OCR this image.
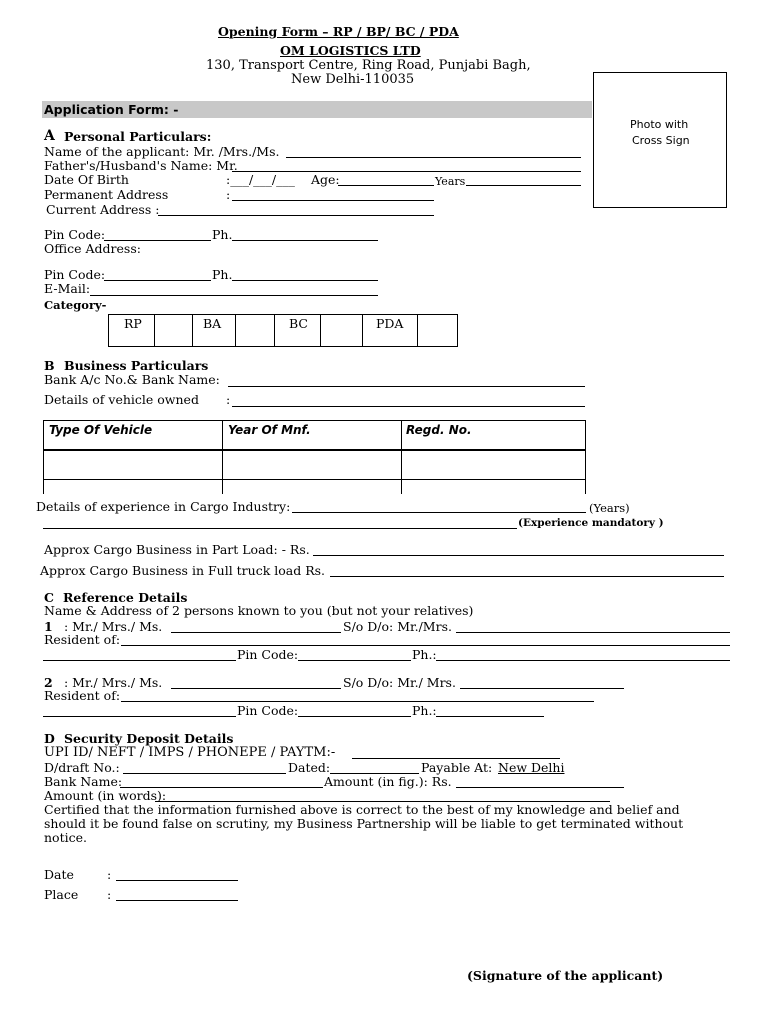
Opening Form – RP / BP/ BC / PDA
OM LOGISTICS LTD
130, Transport Centre, Ring Road, Punjabi Bagh,
New Delhi-110035
Photo with
Cross Sign
Application Form: -
A Personal Particulars:
Name of the applicant: Mr. /Mrs./Ms.
Father's/Husband's Name: Mr.
Date Of Birth	:___/___/___ Age:	Years
Permanent Address	:
Current Address :
Pin Code:	Ph.
Office Address:
Pin Code:	Ph.
E-Mail:
Category-
RP	BA	BC	PDA
B Business Particulars
Bank A/c No.& Bank Name:
Details of vehicle owned :
Type Of Vehicle	Year Of Mnf.	Regd. No.
Details of experience in Cargo Industry:	(Years)
(Experience mandatory )
Approx Cargo Business in Part Load: - Rs.
Approx Cargo Business in Full truck load Rs.
C Reference Details
Name & Address of 2 persons known to you (but not your relatives)
1 : Mr./ Mrs./ Ms.	S/o D/o: Mr./Mrs.
Resident of:
Pin Code:	Ph.:
2 : Mr./ Mrs./ Ms.	S/o D/o: Mr./ Mrs.
Resident of:
Pin Code:	Ph.:
D Security Deposit Details
UPI ID/ NEFT / IMPS / PHONEPE / PAYTM:-
D/draft No.:	Dated:	Payable At: New Delhi
Bank Name:	Amount (in fig.): Rs.
Amount (in words):
Certified that the information furnished above is correct to the best of my knowledge and belief and
should it be found false on scrutiny, my Business Partnership will be liable to get terminated without
notice.
Date	:
Place :
(Signature of the applicant)
